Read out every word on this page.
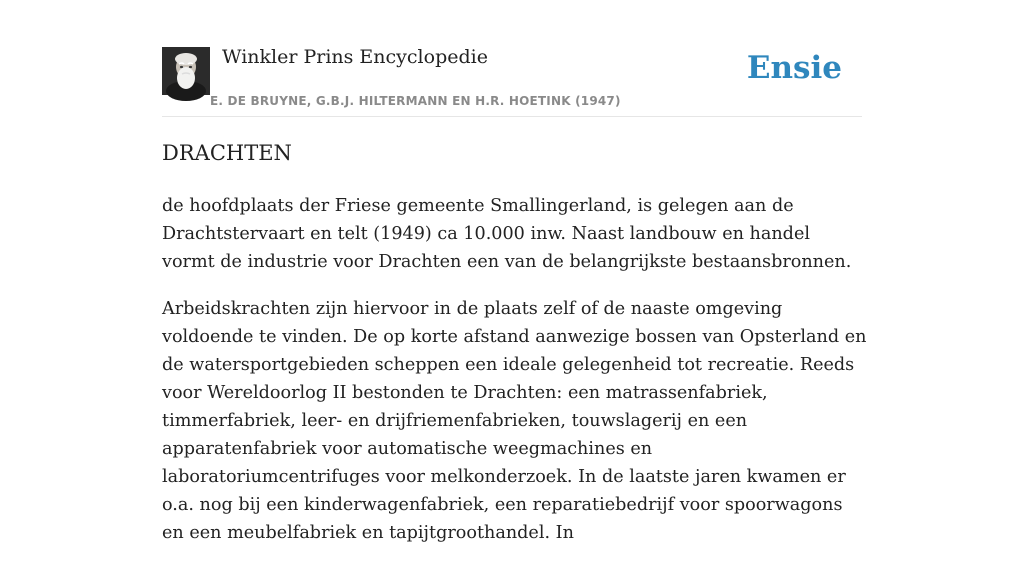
Winkler Prins Encyclopedie
E. DE BRUYNE, G.B.J. HILTERMANN EN H.R. HOETINK (1947)
Ensie
DRACHTEN

de hoofdplaats der Friese gemeente Smallingerland, is gelegen aan de Drachtstervaart en telt (1949) ca 10.000 inw. Naast landbouw en handel vormt de industrie voor Drachten een van de belangrijkste bestaansbronnen.

Arbeidskrachten zijn hiervoor in de plaats zelf of de naaste omgeving voldoende te vinden. De op korte afstand aanwezige bossen van Opsterland en de watersportgebieden scheppen een ideale gelegenheid tot recreatie. Reeds voor Wereldoorlog II bestonden te Drachten: een matrassenfabriek, timmerfabriek, leer- en drijfriemenfabrieken, touwslagerij en een apparatenfabriek voor automatische weegmachines en laboratoriumcentrifuges voor melkonderzoek. In de laatste jaren kwamen er o.a. nog bij een kinderwagenfabriek, een reparatiebedrijf voor spoorwagons en een meubelfabriek en tapijtgroothandel. In
